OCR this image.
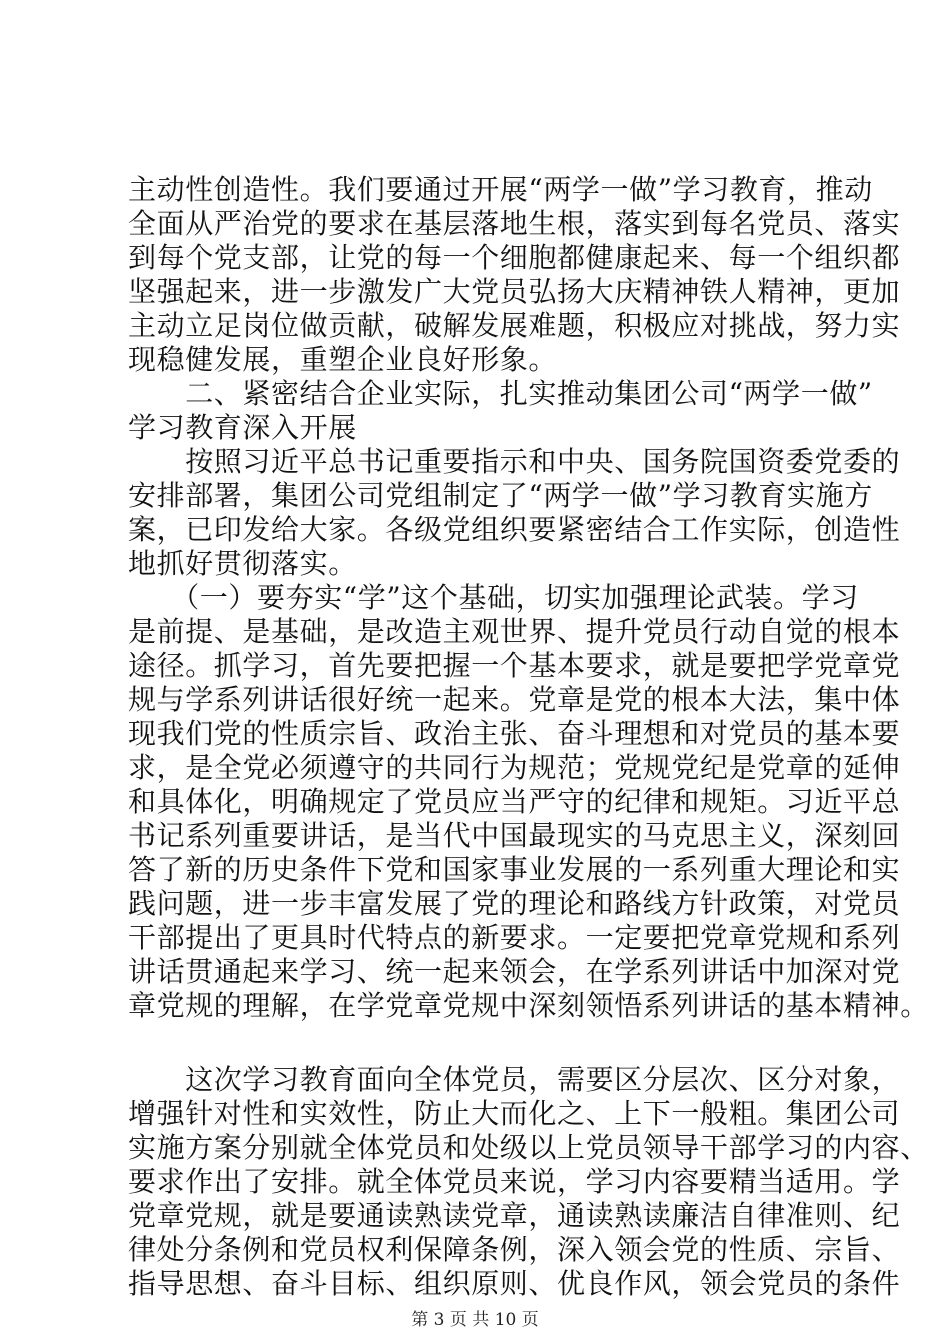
主动性创造性。我们要通过开展“两学一做”学习教育，推动
全面从严治党的要求在基层落地生根，落实到每名党员、落实
到每个党支部，让党的每一个细胞都健康起来、每一个组织都
坚强起来，进一步激发广大党员弘扬大庆精神铁人精神，更加
主动立足岗位做贡献，破解发展难题，积极应对挑战，努力实
现稳健发展，重塑企业良好形象。
　　二、紧密结合企业实际，扎实推动集团公司“两学一做”
学习教育深入开展
　　按照习近平总书记重要指示和中央、国务院国资委党委的
安排部署，集团公司党组制定了“两学一做”学习教育实施方
案，已印发给大家。各级党组织要紧密结合工作实际，创造性
地抓好贯彻落实。
　　（一）要夯实“学”这个基础，切实加强理论武装。学习
是前提、是基础，是改造主观世界、提升党员行动自觉的根本
途径。抓学习，首先要把握一个基本要求，就是要把学党章党
规与学系列讲话很好统一起来。党章是党的根本大法，集中体
现我们党的性质宗旨、政治主张、奋斗理想和对党员的基本要
求，是全党必须遵守的共同行为规范；党规党纪是党章的延伸
和具体化，明确规定了党员应当严守的纪律和规矩。习近平总
书记系列重要讲话，是当代中国最现实的马克思主义，深刻回
答了新的历史条件下党和国家事业发展的一系列重大理论和实
践问题，进一步丰富发展了党的理论和路线方针政策，对党员
干部提出了更具时代特点的新要求。一定要把党章党规和系列
讲话贯通起来学习、统一起来领会，在学系列讲话中加深对党
章党规的理解，在学党章党规中深刻领悟系列讲话的基本精神。
　　这次学习教育面向全体党员，需要区分层次、区分对象，
增强针对性和实效性，防止大而化之、上下一般粗。集团公司
实施方案分别就全体党员和处级以上党员领导干部学习的内容、
要求作出了安排。就全体党员来说，学习内容要精当适用。学
党章党规，就是要通读熟读党章，通读熟读廉洁自律准则、纪
律处分条例和党员权利保障条例，深入领会党的性质、宗旨、
指导思想、奋斗目标、组织原则、优良作风，领会党员的条件
第 3 页 共 10 页
